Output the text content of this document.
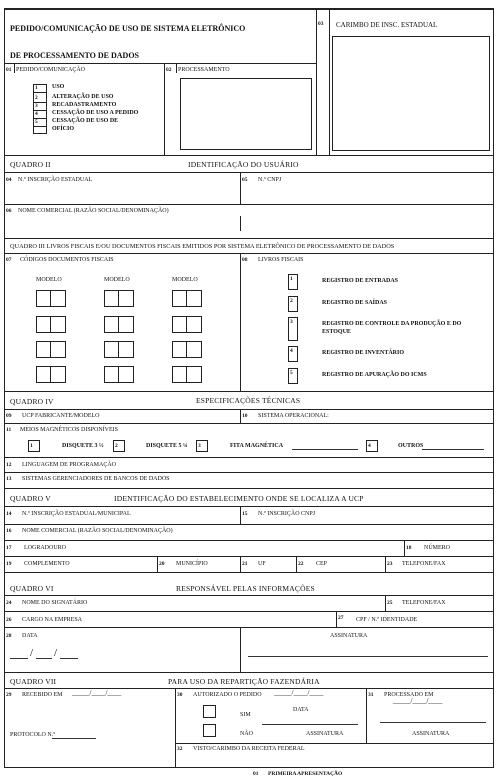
PEDIDO/COMUNICAÇÃO DE USO DE SISTEMA ELETRÔNICO
DE PROCESSAMENTO DE DADOS
03 CARIMBO DE INSC. ESTADUAL
01 PEDIDO/COMUNICAÇÃO	02 PROCESSAMENTO
1 USO
2 ALTERAÇÃO DE USO
3 RECADASTRAMENTO
4 CESSAÇÃO DE USO A PEDIDO
5 CESSAÇÃO DE USO DE
OFÍCIO
QUADRO II	IDENTIFICAÇÃO DO USUÁRIO
04 N.º INSCRIÇÃO ESTADUAL	05 N.º CNPJ
06 NOME COMERCIAL (RAZÃO SOCIAL/DENOMINAÇÃO)
QUADRO III LIVROS FISCAIS E/OU DOCUMENTOS FISCAIS EMITIDOS POR SISTEMA ELETRÔNICO DE PROCESSAMENTO DE DADOS
07 CÓDIGOS DOCUMENTOS FISCAIS	08 LIVROS FISCAIS
MODELO	MODELO	MODELO	1	REGISTRO DE ENTRADAS
2	REGISTRO DE SAÍDAS
3	REGISTRO DE CONTROLE DA PRODUÇÃO E DO
ESTOQUE
4	REGISTRO DE INVENTÁRIO
5	REGISTRO DE APURAÇÃO DO ICMS
QUADRO IV	ESPECIFICAÇÕES TÉCNICAS
09 UCP FABRICANTE/MODELO	10 SISTEMA OPERACIONAL:
11 MEIOS MAGNÉTICOS DISPONÍVEIS
1	DISQUETE 3 ½ 2	DISQUETE 5 ¼ 3	FITA MAGNÉTICA	4	OUTROS
12 LINGUAGEM DE PROGRAMAÇÃO
13 SISTEMAS GERENCIADORES DE BANCOS DE DADOS
QUADRO V	IDENTIFICAÇÃO DO ESTABELECIMENTO ONDE SE LOCALIZA A UCP
14 N.º INSCRIÇÃO ESTADUAL/MUNICIPAL	15 N.º INSCRIÇÃO CNPJ
16 NOME COMERCIAL (RAZÃO SOCIAL/DENOMINAÇÃO)
17 LOGRADOURO	18 NÚMERO
19 COMPLEMENTO	20 MUNICÍPIO	21 UF	22 CEP	23 TELEFONE/FAX
QUADRO VI	RESPONSÁVEL PELAS INFORMAÇÕES
24 NOME DO SIGNATÁRIO	25 TELEFONE/FAX
26 CARGO NA EMPRESA	27 CPF / N.º IDENTIDADE
28 DATA	ASSINATURA
/ /
QUADRO VII	PARA USO DA REPARTIÇÃO FAZENDÁRIA
29 RECEBIDO EM _____/____/____
PROTOCOLO N.º
30 AUTORIZADO O PEDIDO _____/____/____
SIM
NÃO
DATA
ASSINATURA
31 PROCESSADO EM
_____/____/____
ASSINATURA
32 VISTO/CARIMBO DA RECEITA FEDERAL
01 PRIMEIRA APRESENTAÇÃO
